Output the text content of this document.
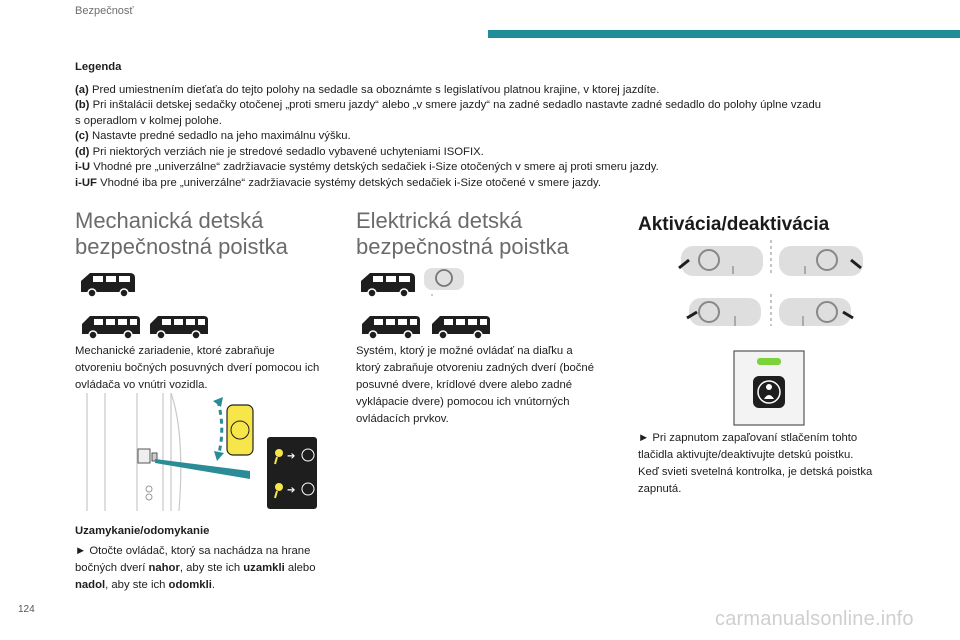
Bezpečnosť
Legenda
(a) Pred umiestnením dieťaťa do tejto polohy na sedadle sa oboznámte s legislatívou platnou krajine, v ktorej jazdíte.
(b) Pri inštalácii detskej sedačky otočenej „proti smeru jazdy“ alebo „v smere jazdy“ na zadné sedadlo nastavte zadné sedadlo do polohy úplne vzadu
s operadlom v kolmej polohe.
(c) Nastavte predné sedadlo na jeho maximálnu výšku.
(d) Pri niektorých verziách nie je stredové sedadlo vybavené uchyteniami ISOFIX.
i-U Vhodné pre „univerzálne“ zadržiavacie systémy detských sedačiek i-Size otočených v smere aj proti smeru jazdy.
i-UF Vhodné iba pre „univerzálne“ zadržiavacie systémy detských sedačiek i-Size otočené v smere jazdy.
Mechanická detská
bezpečnostná poistka
Mechanické zariadenie, ktoré zabraňuje
otvoreniu bočných posuvných dverí pomocou ich
ovládača vo vnútri vozidla.
➔
➔
Uzamykanie/odomykanie
► Otočte ovládač, ktorý sa nachádza na hrane
bočných dverí nahor, aby ste ich uzamkli alebo
nadol, aby ste ich odomkli.
Elektrická detská
bezpečnostná poistka
Systém, ktorý je možné ovládať na diaľku a
ktorý zabraňuje otvoreniu zadných dverí (bočné
posuvné dvere, krídlové dvere alebo zadné
vyklápacie dvere) pomocou ich vnútorných
ovládacích prvkov.
Aktivácia/deaktivácia
► Pri zapnutom zapaľovaní stlačením tohto
tlačidla aktivujte/deaktivujte detskú poistku.
Keď svieti svetelná kontrolka, je detská poistka
zapnutá.
124	carmanualsonline.info
